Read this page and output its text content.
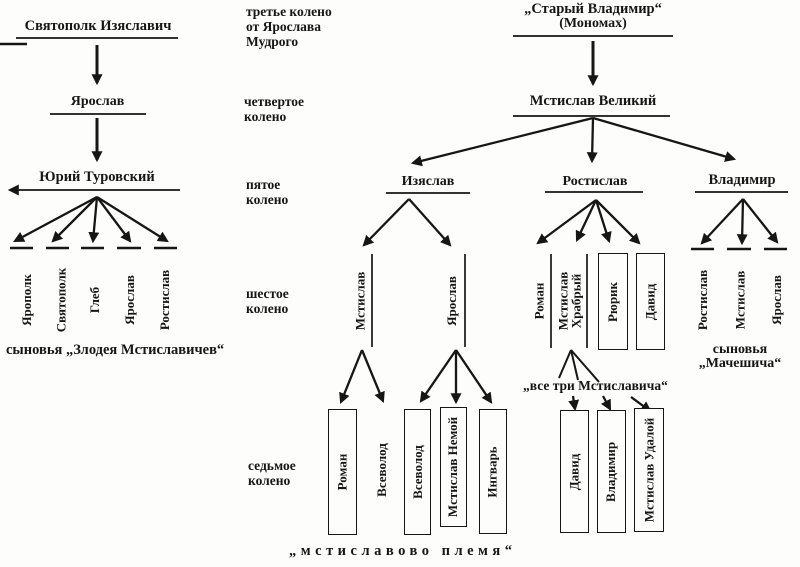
третье колено
от Ярослава
Мудрого
четвертое
колено
пятое
колено
шестое
колено
седьмое
колено
Святополк Изяславич
Ярослав
Юрий Туровский
Ярополк Святополк Глеб Ярослав Ростислав
сыновья „Злодея Мстиславичев“
„Старый Владимир“
(Мономах)
Мстислав Великий
Изяслав	Ростислав	Владимир
Мстислав	Ярослав	Роман Мстислав Храбрый Рюрик Давид	Ростислав Мстислав Ярослав
сыновья
„Мачешича“
Роман Всеволод Всеволод Мстислав Немой Ингварь
„все три Мстиславича“
Давид Владимир Мстислав Удалой
„мстиславово племя“
